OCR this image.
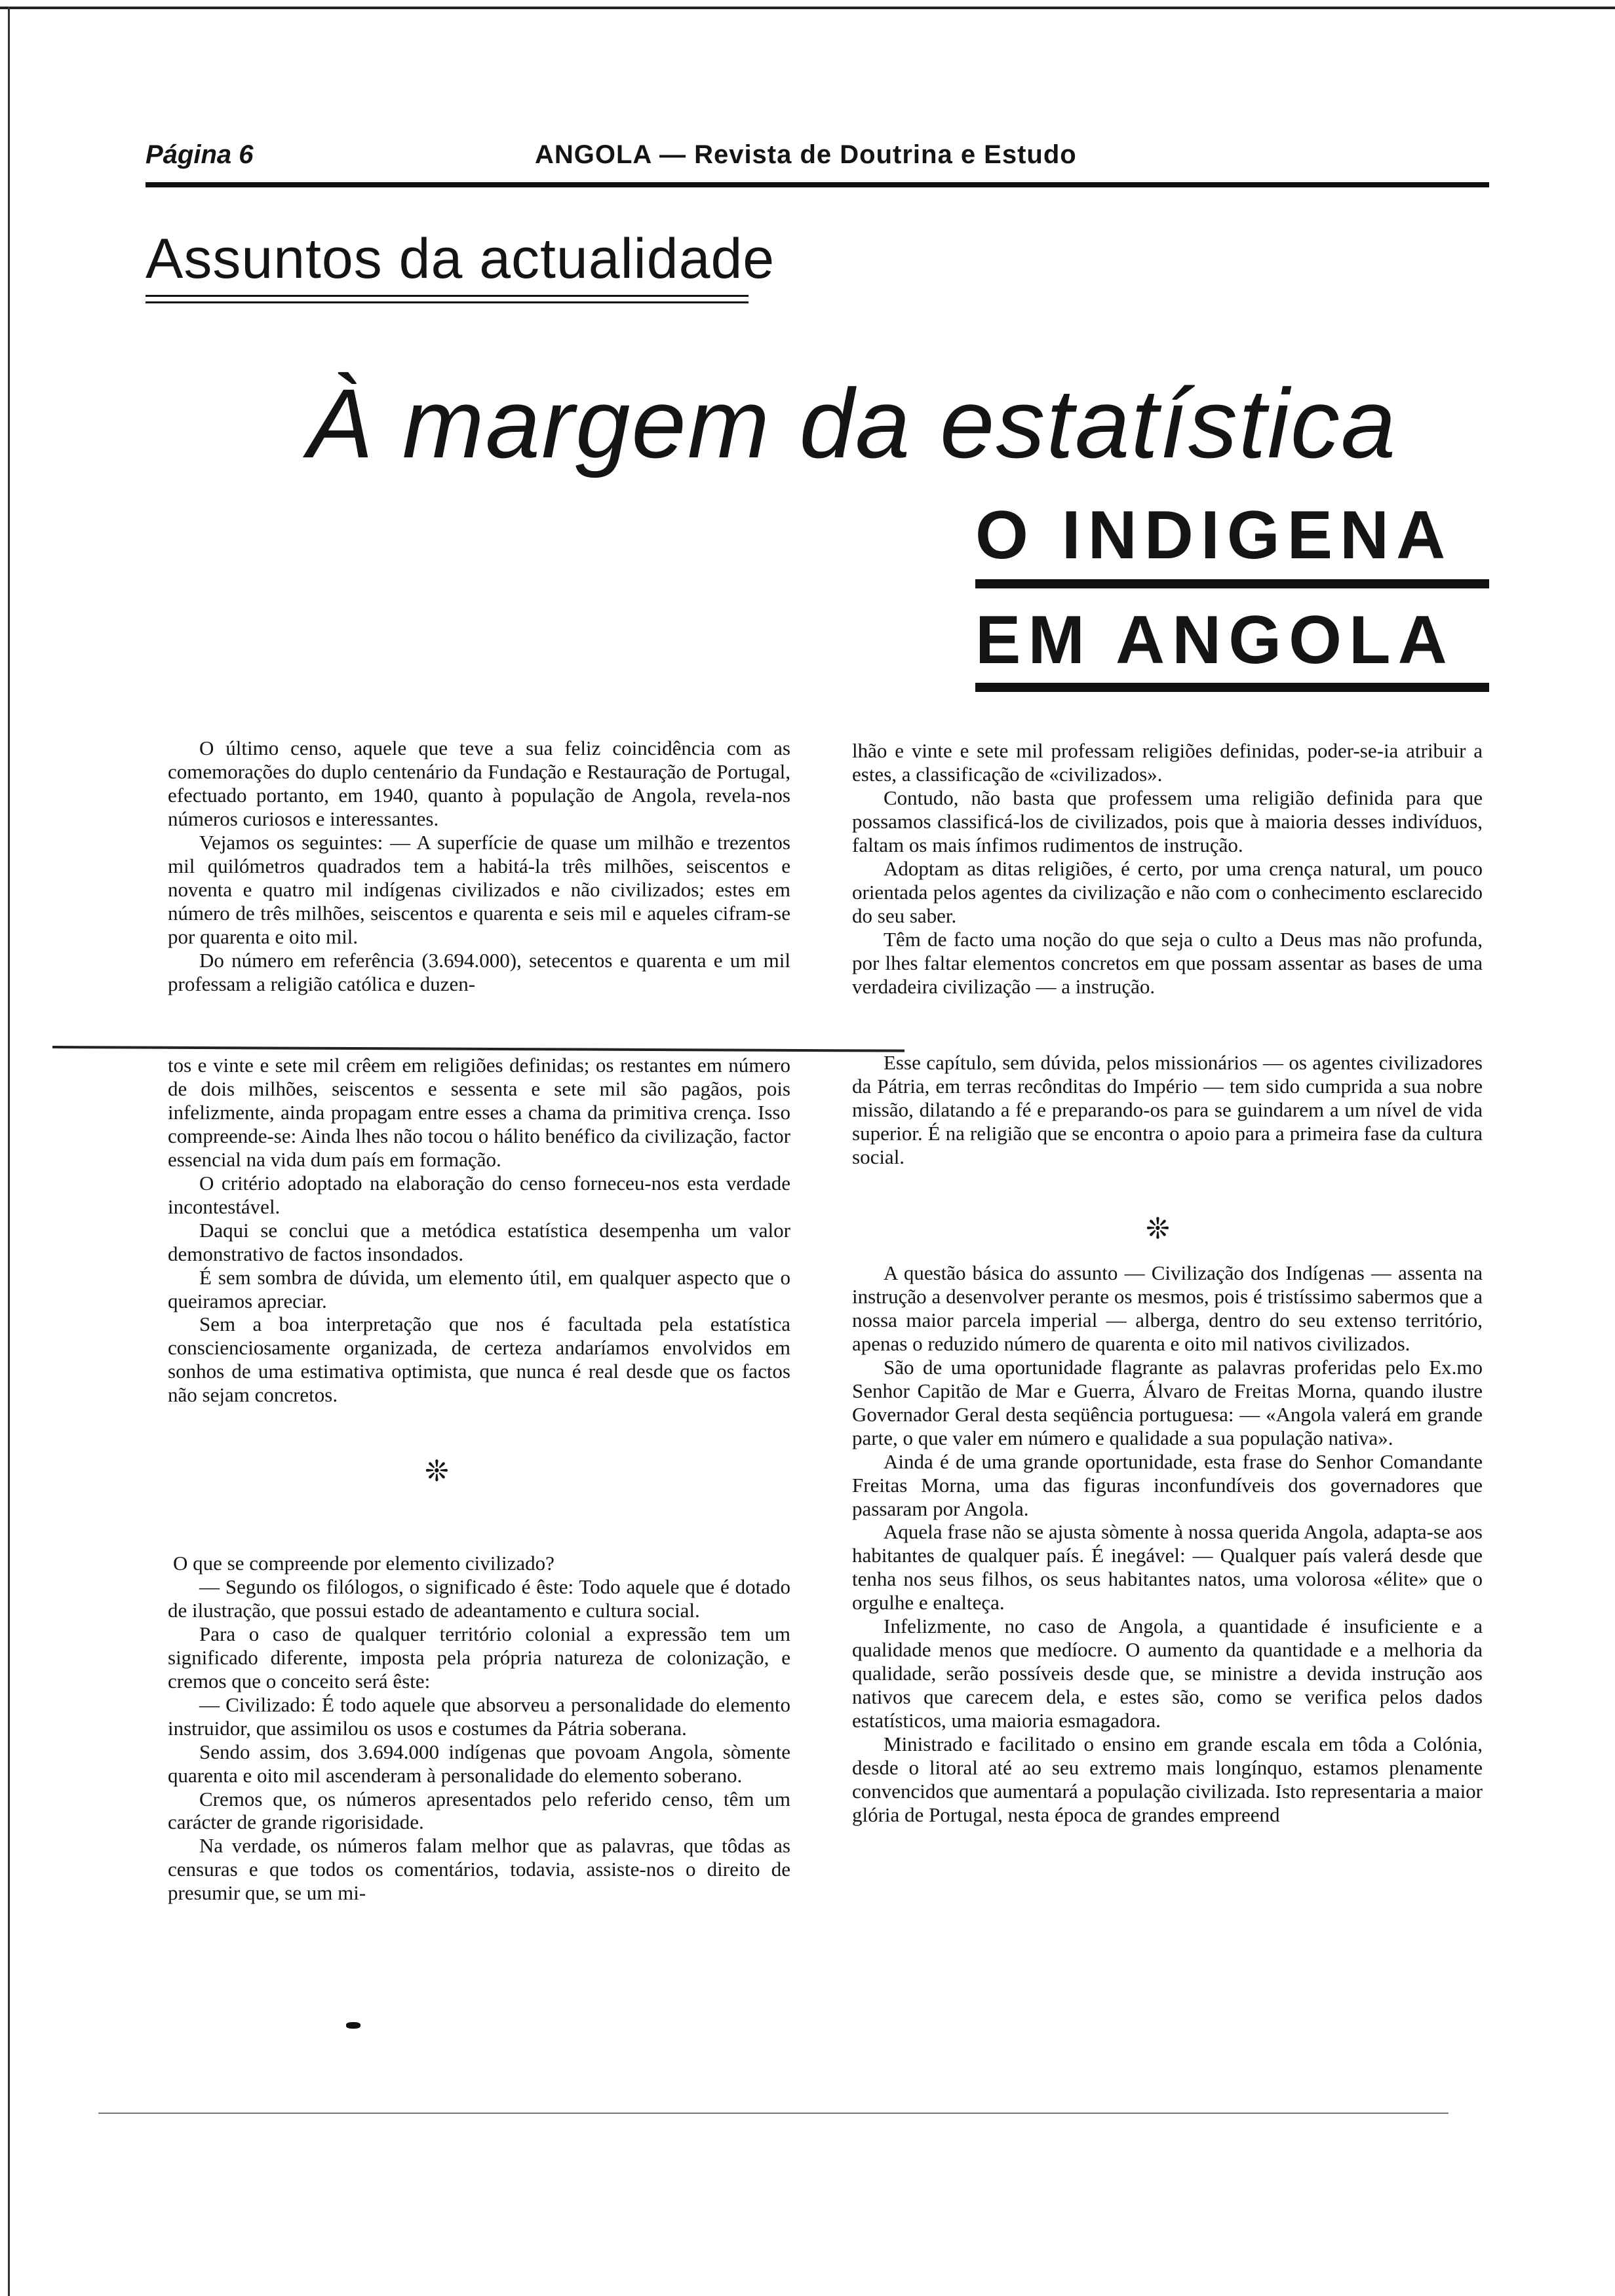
Página 6	ANGOLA — Revista de Doutrina e Estudo
Assuntos da actualidade
À margem da estatística
O INDIGENA
EM ANGOLA

O último censo, aquele que teve a sua feliz coincidência com as comemorações do duplo centenário da Fundação e Restauração de Portugal, efectuado portanto, em 1940, quanto à população de Angola, revela-nos números curiosos e interessantes.

Vejamos os seguintes: — A superfície de quase um milhão e trezentos mil quilómetros quadrados tem a habitá-la três milhões, seiscentos e noventa e quatro mil indígenas civilizados e não civilizados; estes em número de três milhões, seiscentos e quarenta e seis mil e aqueles cifram-se por quarenta e oito mil.

Do número em referência (3.694.000), setecentos e quarenta e um mil professam a religião católica e duzen-

tos e vinte e sete mil crêem em religiões definidas; os restantes em número de dois milhões, seiscentos e sessenta e sete mil são pagãos, pois infelizmente, ainda propagam entre esses a chama da primitiva crença. Isso compreende-se: Ainda lhes não tocou o hálito benéfico da civilização, factor essencial na vida dum país em formação.

O critério adoptado na elaboração do censo forneceu-nos esta verdade incontestável.

Daqui se conclui que a metódica estatística desempenha um valor demonstrativo de factos insondados.

É sem sombra de dúvida, um elemento útil, em qualquer aspecto que o queiramos apreciar.

Sem a boa interpretação que nos é facultada pela estatística conscienciosamente organizada, de certeza andaríamos envolvidos em sonhos de uma estimativa optimista, que nunca é real desde que os factos não sejam concretos.

❊

O que se compreende por elemento civilizado?

— Segundo os filólogos, o significado é êste: Todo aquele que é dotado de ilustração, que possui estado de adeantamento e cultura social.

Para o caso de qualquer território colonial a expressão tem um significado diferente, imposta pela própria natureza de colonização, e cremos que o conceito será êste:

— Civilizado: É todo aquele que absorveu a personalidade do elemento instruidor, que assimilou os usos e costumes da Pátria soberana.

Sendo assim, dos 3.694.000 indígenas que povoam Angola, sòmente quarenta e oito mil ascenderam à personalidade do elemento soberano.

Cremos que, os números apresentados pelo referido censo, têm um carácter de grande rigorisidade.

Na verdade, os números falam melhor que as palavras, que tôdas as censuras e que todos os comentários, todavia, assiste-nos o direito de presumir que, se um mi-

lhão e vinte e sete mil professam religiões definidas, poder-se-ia atribuir a estes, a classificação de «civilizados».

Contudo, não basta que professem uma religião definida para que possamos classificá-los de civilizados, pois que à maioria desses indivíduos, faltam os mais ínfimos rudimentos de instrução.

Adoptam as ditas religiões, é certo, por uma crença natural, um pouco orientada pelos agentes da civilização e não com o conhecimento esclarecido do seu saber.

Têm de facto uma noção do que seja o culto a Deus mas não profunda, por lhes faltar elementos concretos em que possam assentar as bases de uma verdadeira civilização — a instrução.

Esse capítulo, sem dúvida, pelos missionários — os agentes civilizadores da Pátria, em terras recônditas do Império — tem sido cumprida a sua nobre missão, dilatando a fé e preparando-os para se guindarem a um nível de vida superior. É na religião que se encontra o apoio para a primeira fase da cultura social.

❊

A questão básica do assunto — Civilização dos Indígenas — assenta na instrução a desenvolver perante os mesmos, pois é tristíssimo sabermos que a nossa maior parcela imperial — alberga, dentro do seu extenso território, apenas o reduzido número de quarenta e oito mil nativos civilizados.

São de uma oportunidade flagrante as palavras proferidas pelo Ex.mo Senhor Capitão de Mar e Guerra, Álvaro de Freitas Morna, quando ilustre Governador Geral desta seqüência portuguesa: — «Angola valerá em grande parte, o que valer em número e qualidade a sua população nativa».

Ainda é de uma grande oportunidade, esta frase do Senhor Comandante Freitas Morna, uma das figuras inconfundíveis dos governadores que passaram por Angola.

Aquela frase não se ajusta sòmente à nossa querida Angola, adapta-se aos habitantes de qualquer país. É inegável: — Qualquer país valerá desde que tenha nos seus filhos, os seus habitantes natos, uma volorosa «élite» que o orgulhe e enalteça.

Infelizmente, no caso de Angola, a quantidade é insuficiente e a qualidade menos que medíocre. O aumento da quantidade e a melhoria da qualidade, serão possíveis desde que, se ministre a devida instrução aos nativos que carecem dela, e estes são, como se verifica pelos dados estatísticos, uma maioria esmagadora.

Ministrado e facilitado o ensino em grande escala em tôda a Colónia, desde o litoral até ao seu extremo mais longínquo, estamos plenamente convencidos que aumentará a população civilizada. Isto representaria a maior glória de Portugal, nesta época de grandes empreend
